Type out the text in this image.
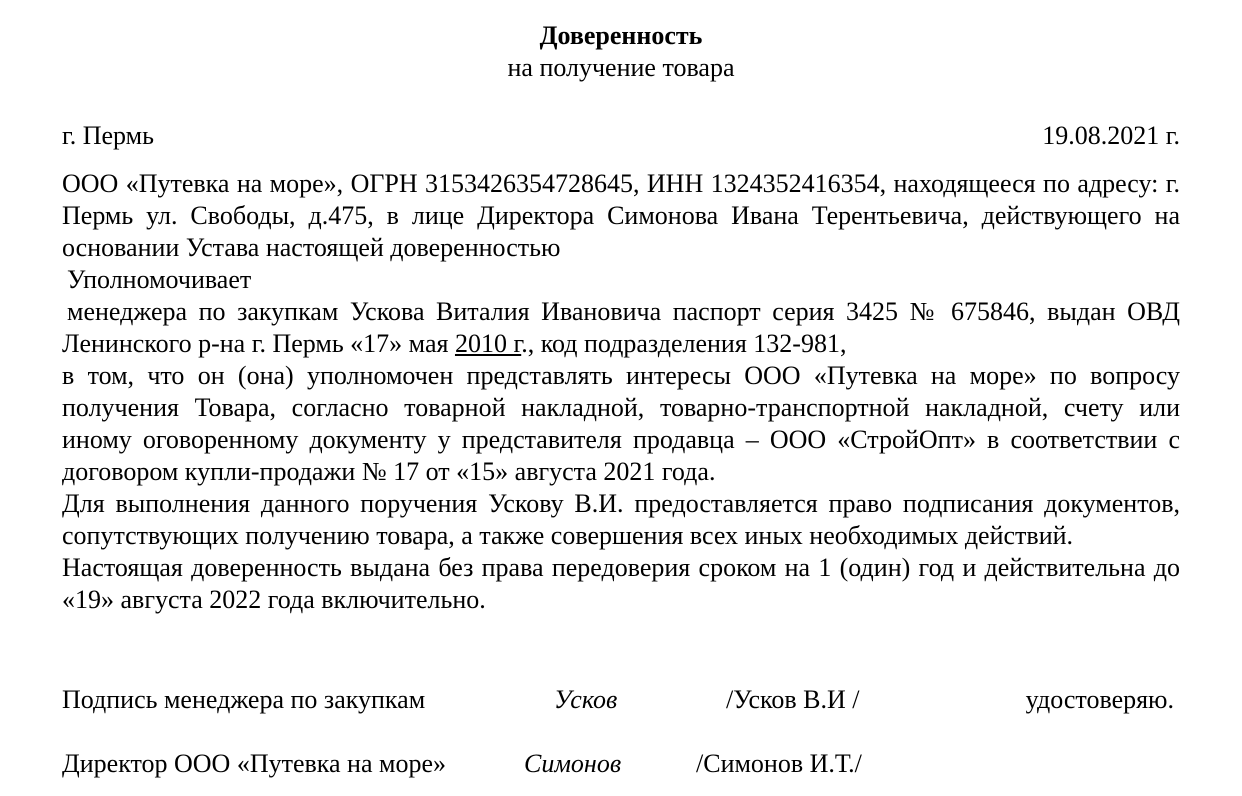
Доверенность
на получение товара
г. Пермь	19.08.2021 г.

ООО «Путевка на море», ОГРН 3153426354728645, ИНН 1324352416354, находящееся по адресу: г. Пермь ул. Свободы, д.475, в лице Директора Симонова Ивана Терентьевича, действующего на основании Устава настоящей доверенностью

Уполномочивает

менеджера по закупкам Ускова Виталия Ивановича паспорт серия 3425 № 675846, выдан ОВД Ленинского р-на г. Пермь «17» мая 2010 г., код подразделения 132-981,

в том, что он (она) уполномочен представлять интересы ООО «Путевка на море» по вопросу получения Товара, согласно товарной накладной, товарно-транспортной накладной, счету или иному оговоренному документу у представителя продавца – ООО «СтройОпт» в соответствии с договором купли-продажи № 17 от «15» августа 2021 года.

Для выполнения данного поручения Ускову В.И. предоставляется право подписания документов, сопутствующих получению товара, а также совершения всех иных необходимых действий.

Настоящая доверенность выдана без права передоверия сроком на 1 (один) год и действительна до «19» августа 2022 года включительно.

Подпись менеджера по закупкам	Усков	/Усков В.И /	удостоверяю.
Директор ООО «Путевка на море»	Симонов	/Симонов И.Т./
